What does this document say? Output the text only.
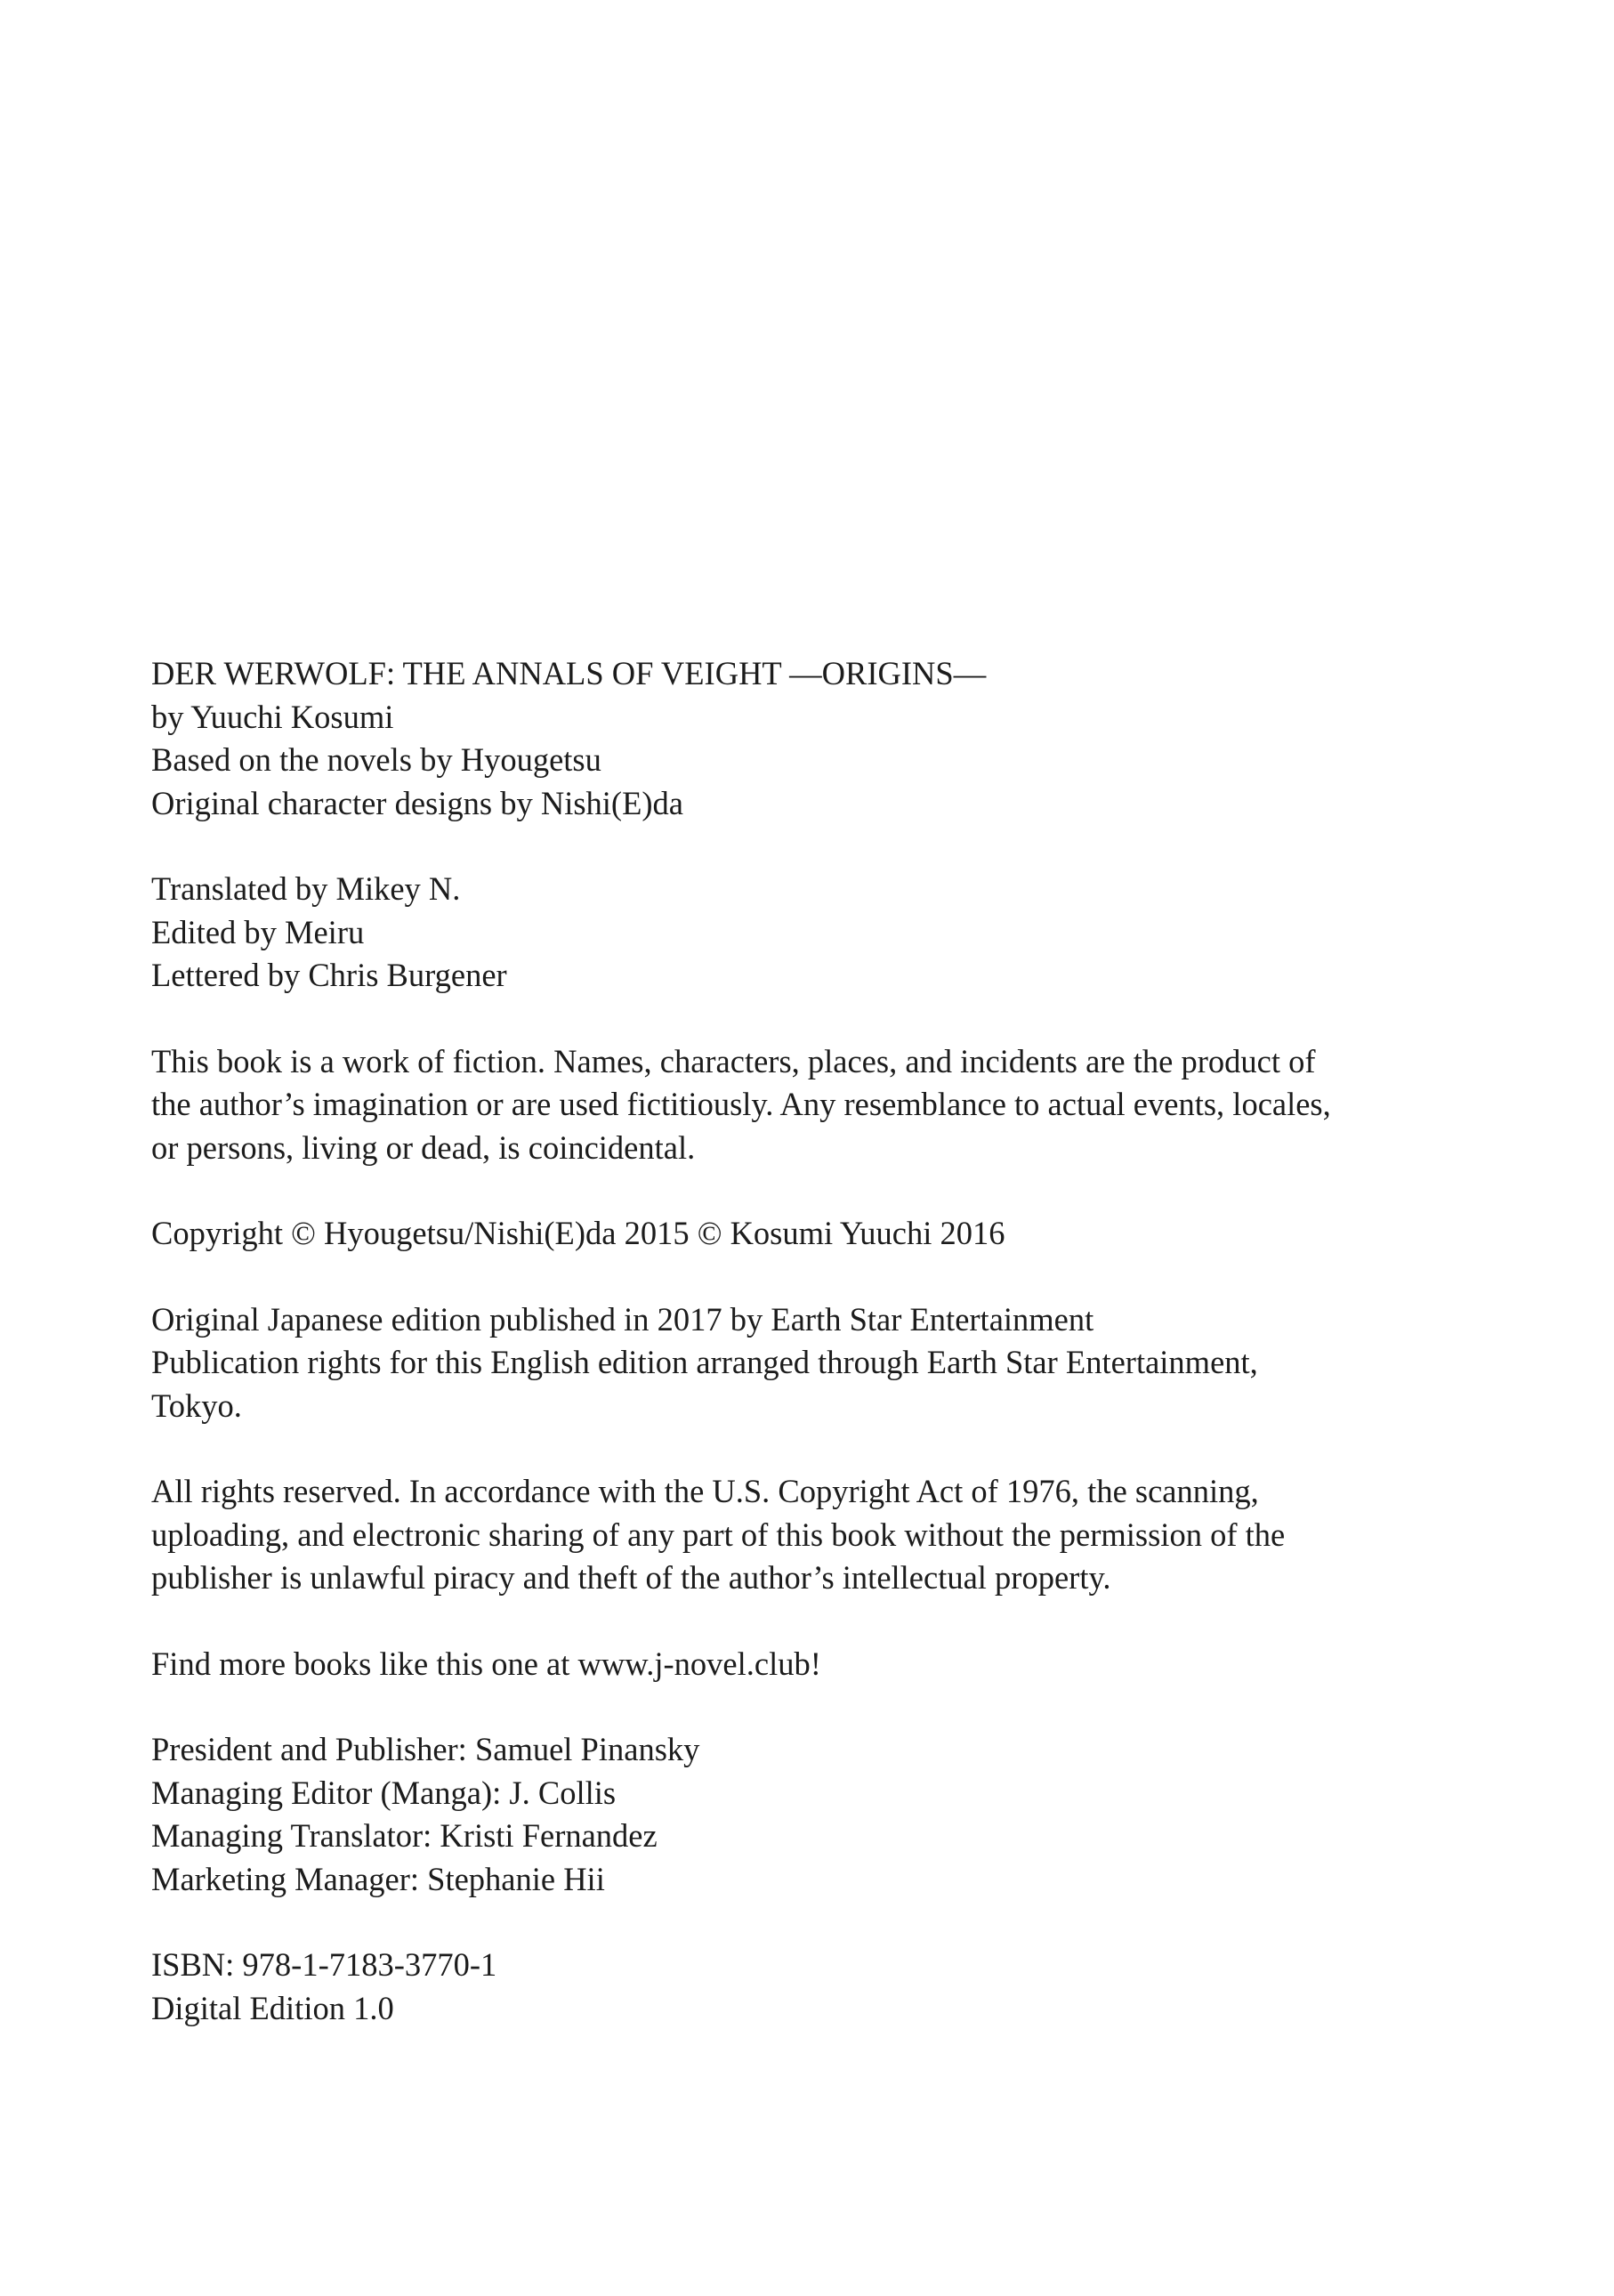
DER WERWOLF: THE ANNALS OF VEIGHT —ORIGINS—
by Yuuchi Kosumi
Based on the novels by Hyougetsu
Original character designs by Nishi(E)da
Translated by Mikey N.
Edited by Meiru
Lettered by Chris Burgener
This book is a work of fiction. Names, characters, places, and incidents are the product of
the author’s imagination or are used fictitiously. Any resemblance to actual events, locales,
or persons, living or dead, is coincidental.
Copyright © Hyougetsu/Nishi(E)da 2015 © Kosumi Yuuchi 2016
Original Japanese edition published in 2017 by Earth Star Entertainment
Publication rights for this English edition arranged through Earth Star Entertainment,
Tokyo.
All rights reserved. In accordance with the U.S. Copyright Act of 1976, the scanning,
uploading, and electronic sharing of any part of this book without the permission of the
publisher is unlawful piracy and theft of the author’s intellectual property.
Find more books like this one at www.j-novel.club!
President and Publisher: Samuel Pinansky
Managing Editor (Manga): J. Collis
Managing Translator: Kristi Fernandez
Marketing Manager: Stephanie Hii
ISBN: 978-1-7183-3770-1
Digital Edition 1.0
